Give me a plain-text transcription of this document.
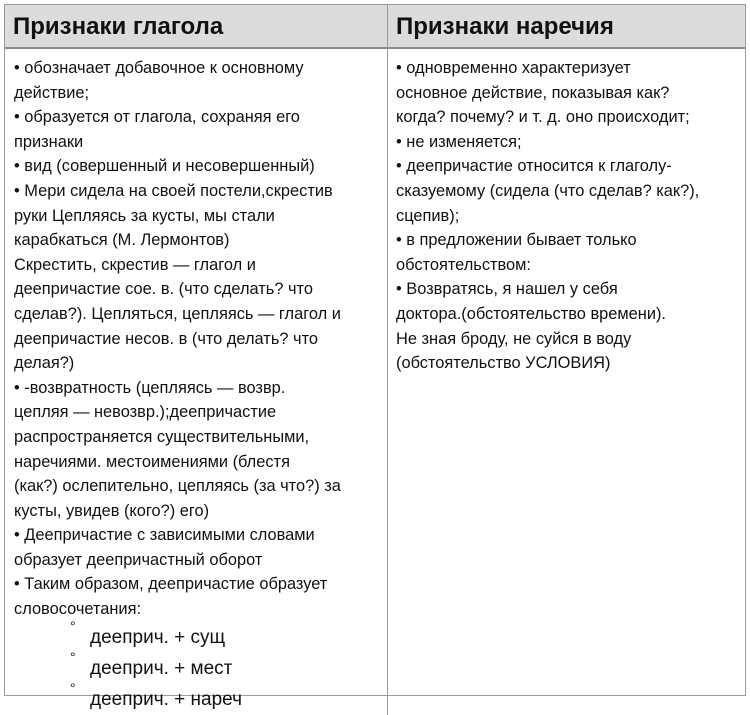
Признаки глагола	Признаки наречия
• обозначает добавочное к основному
действие;
• образуется от глагола, сохраняя его
признаки
• вид (совершенный и несовершенный)
• Мери сидела на своей постели,скрестив
руки Цепляясь за кусты, мы стали
карабкаться (М. Лермонтов)
Скрестить, скрестив — глагол и
деепричастие сое. в. (что сделать? что
сделав?). Цепляться, цепляясь — глагол и
деепричастие несов. в (что делать? что
делая?)
• -возвратность (цепляясь — возвр.
цепляя — невозвр.);деепричастие
распространяется существительными,
наречиями. местоимениями (блестя
(как?) ослепительно, цепляясь (за что?) за
кусты, увидев (кого?) его)
• Деепричастие с зависимыми словами
образует деепричастный оборот
• Таким образом, деепричастие образует
словосочетания:
°
дееприч. + сущ
°
дееприч. + мест
°
дееприч. + нареч
• одновременно характеризует
основное действие, показывая как?
когда? почему? и т. д. оно происходит;
• не изменяется;
• деепричастие относится к глаголу-
сказуемому (сидела (что сделав? как?),
сцепив);
• в предложении бывает только
обстоятельством:
• Возвратясь, я нашел у себя
доктора.(обстоятельство времени).
Не зная броду, не суйся в воду
(обстоятельство УСЛОВИЯ)
